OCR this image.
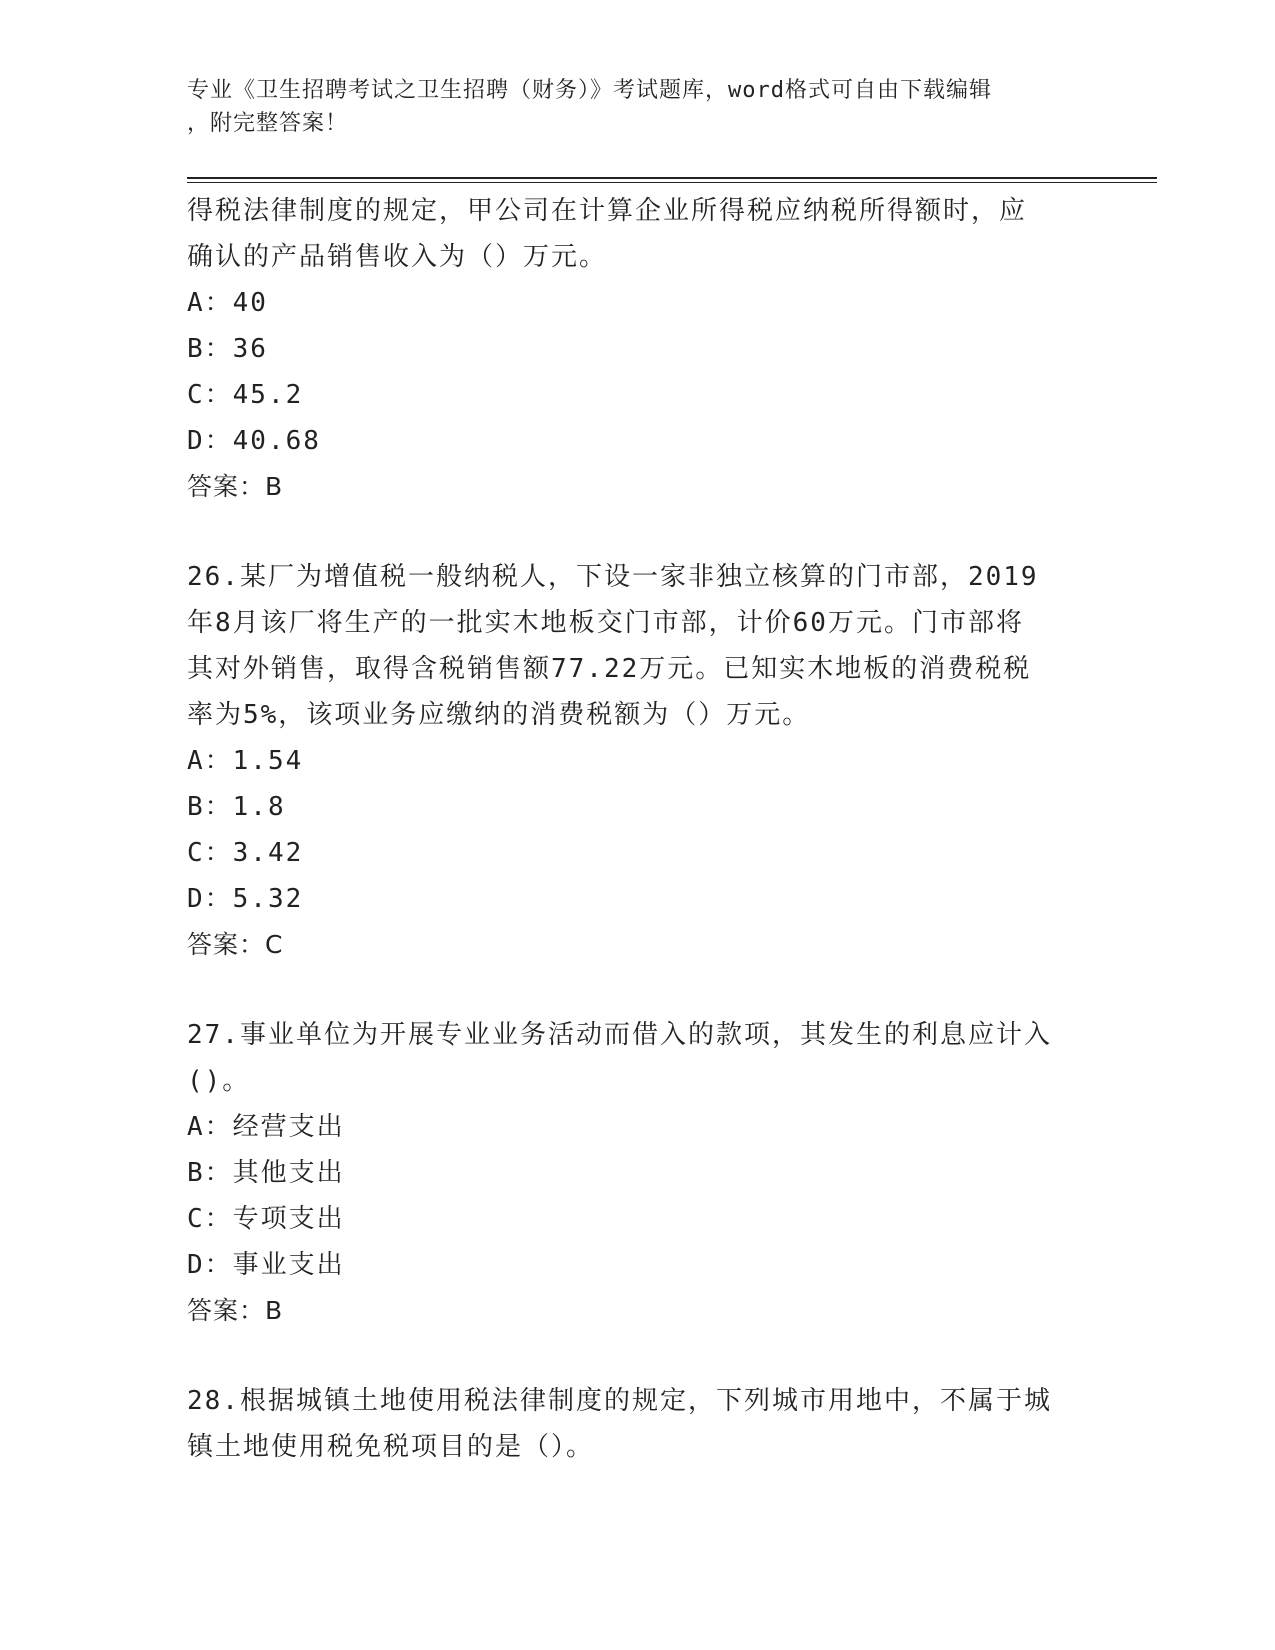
专业《卫生招聘考试之卫生招聘（财务）》考试题库，word格式可自由下载编辑
，附完整答案！
得税法律制度的规定，甲公司在计算企业所得税应纳税所得额时，应
确认的产品销售收入为（）万元。
A：40
B：36
C：45.2
D：40.68
答案：B
26.某厂为增值税一般纳税人，下设一家非独立核算的门市部，2019
年8月该厂将生产的一批实木地板交门市部，计价60万元。门市部将
其对外销售，取得含税销售额77.22万元。已知实木地板的消费税税
率为5%，该项业务应缴纳的消费税额为（）万元。
A：1.54
B：1.8
C：3.42
D：5.32
答案：C
27.事业单位为开展专业业务活动而借入的款项，其发生的利息应计入
()。
A：经营支出
B：其他支出
C：专项支出
D：事业支出
答案：B
28.根据城镇土地使用税法律制度的规定，下列城市用地中，不属于城
镇土地使用税免税项目的是（）。
